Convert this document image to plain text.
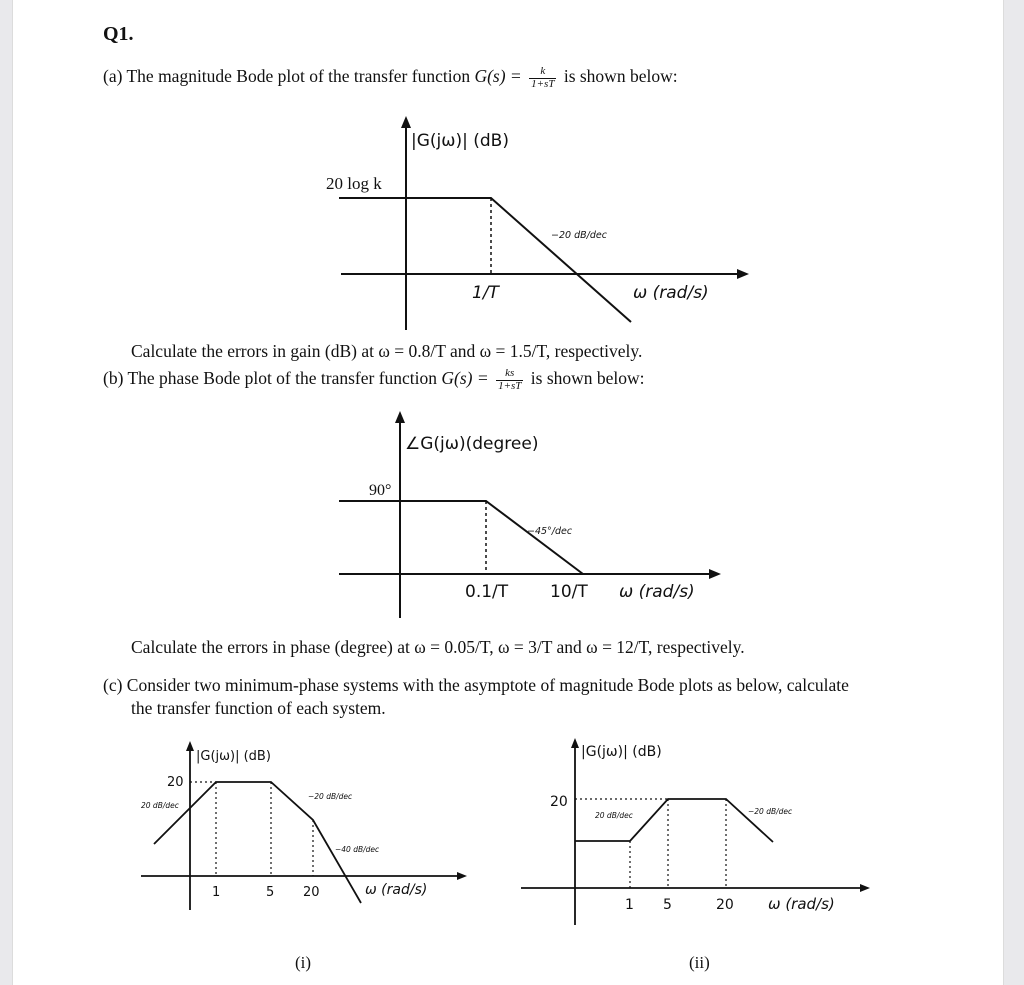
Q1.
(a) The magnitude Bode plot of the transfer function $G(s) = \frac{k}{1+sT}$ is shown below:
|G(jω)| (dB)
20 log k
−20 dB/dec
1/T	ω (rad/s)
∠G(jω)(degree)
90°
−45°/dec
0.1/T 10/T ω (rad/s)
|G(jω)| (dB)
20
20 dB/dec
−20 dB/dec
−40 dB/dec
1	5 20	ω (rad/s)
(i)
|G(jω)| (dB)
20
20 dB/dec	−20 dB/dec
1 5	20 ω (rad/s)
(ii)
Calculate the errors in gain (dB) at ω = 0.8/T and ω = 1.5/T, respectively.
(b) The phase Bode plot of the transfer function $G(s) = \frac{ks}{1+sT}$ is shown below:
Calculate the errors in phase (degree) at ω = 0.05/T, ω = 3/T and ω = 12/T, respectively.
(c) Consider two minimum-phase systems with the asymptote of magnitude Bode plots as below, calculate
the transfer function of each system.
